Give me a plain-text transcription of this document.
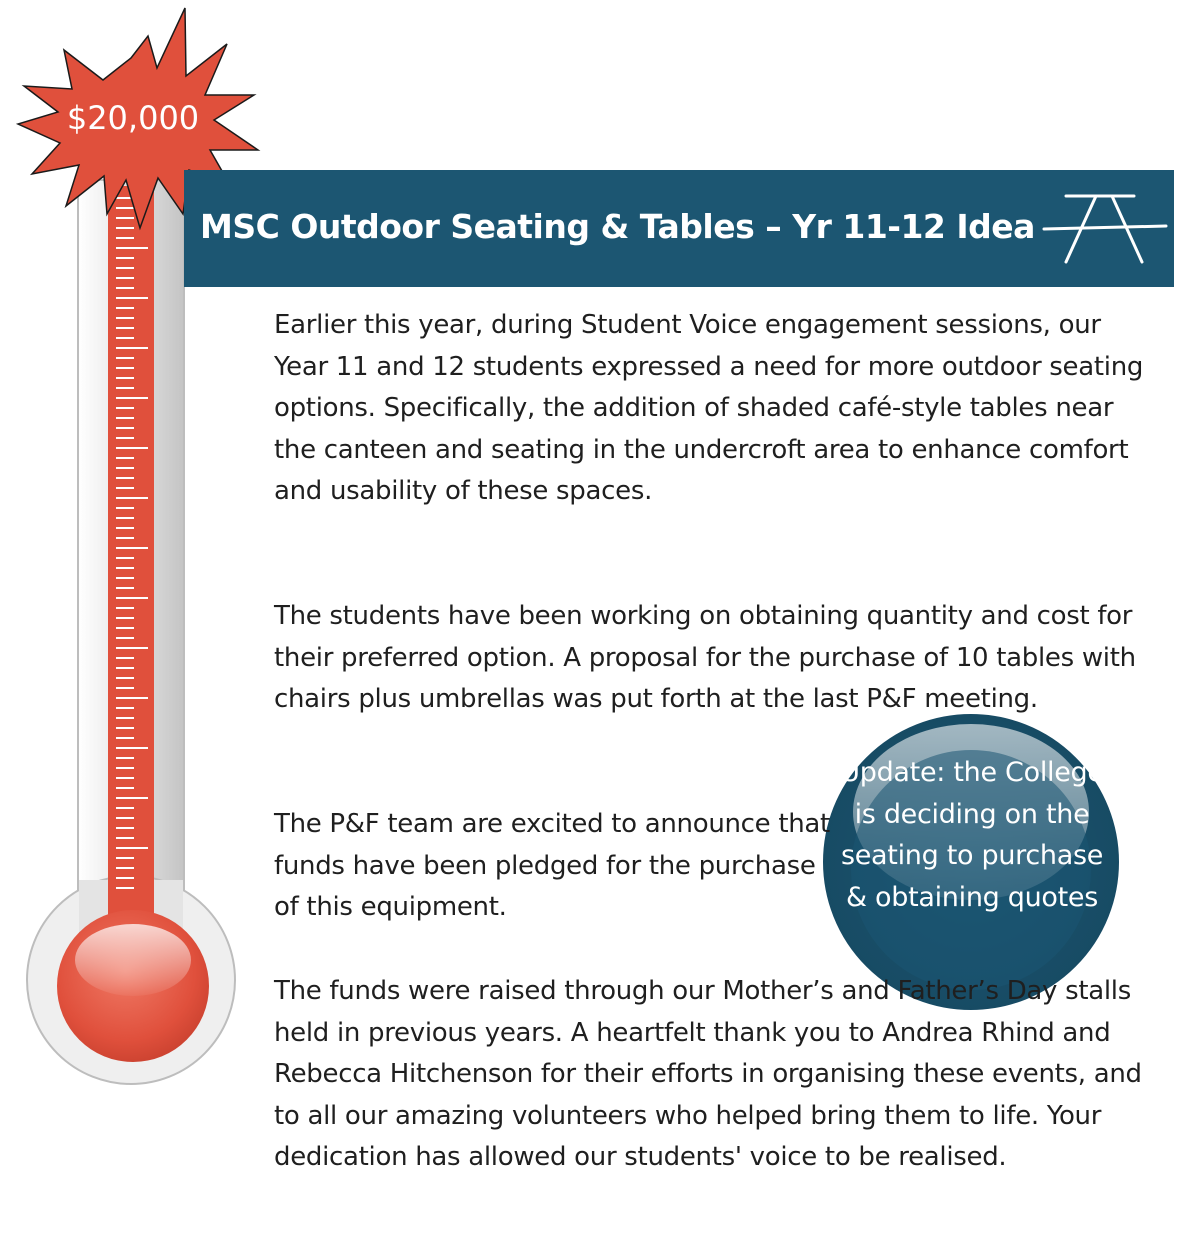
$20,000
MSC Outdoor Seating & Tables – Yr 11-12 Idea

Earlier this year, during Student Voice engagement sessions, our Year 11 and 12 students expressed a need for more outdoor seating options. Specifically, the addition of shaded café-style tables near the canteen and seating in the undercroft area to enhance comfort and usability of these spaces.

The students have been working on obtaining quantity and cost for their preferred option. A proposal for the purchase of 10 tables with chairs plus umbrellas was put forth at the last P&F meeting.

The P&F team are excited to announce that funds have been pledged for the purchase of this equipment.

The funds were raised through our Mother’s and Father’s Day stalls held in previous years. A heartfelt thank you to Andrea Rhind and Rebecca Hitchenson for their efforts in organising these events, and to all our amazing volunteers who helped bring them to life. Your dedication has allowed our students' voice to be realised.

Update: the College is deciding on the seating to purchase & obtaining quotes
